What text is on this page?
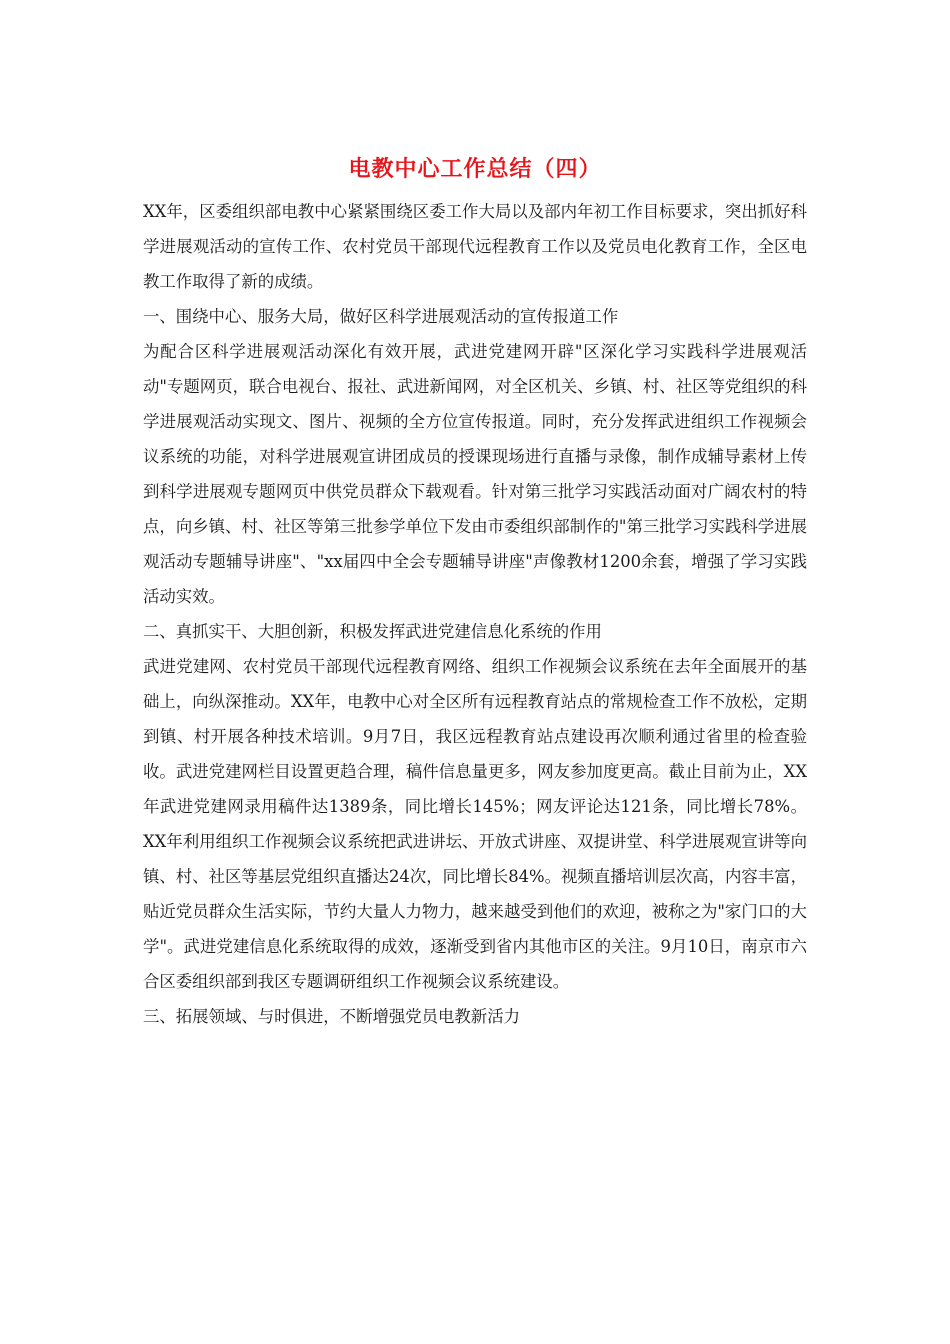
电教中心工作总结（四）

XX年，区委组织部电教中心紧紧围绕区委工作大局以及部内年初工作目标要求，突出抓好科学进展观活动的宣传工作、农村党员干部现代远程教育工作以及党员电化教育工作，全区电教工作取得了新的成绩。

一、围绕中心、服务大局，做好区科学进展观活动的宣传报道工作

为配合区科学进展观活动深化有效开展，武进党建网开辟"区深化学习实践科学进展观活动"专题网页，联合电视台、报社、武进新闻网，对全区机关、乡镇、村、社区等党组织的科学进展观活动实现文、图片、视频的全方位宣传报道。同时，充分发挥武进组织工作视频会议系统的功能，对科学进展观宣讲团成员的授课现场进行直播与录像，制作成辅导素材上传到科学进展观专题网页中供党员群众下载观看。针对第三批学习实践活动面对广阔农村的特点，向乡镇、村、社区等第三批参学单位下发由市委组织部制作的"第三批学习实践科学进展观活动专题辅导讲座"、"xx届四中全会专题辅导讲座"声像教材1200余套，增强了学习实践活动实效。

二、真抓实干、大胆创新，积极发挥武进党建信息化系统的作用

武进党建网、农村党员干部现代远程教育网络、组织工作视频会议系统在去年全面展开的基础上，向纵深推动。XX年，电教中心对全区所有远程教育站点的常规检查工作不放松，定期到镇、村开展各种技术培训。9月7日，我区远程教育站点建设再次顺利通过省里的检查验收。武进党建网栏目设置更趋合理，稿件信息量更多，网友参加度更高。截止目前为止，XX年武进党建网录用稿件达1389条，同比增长145%；网友评论达121条，同比增长78%。XX年利用组织工作视频会议系统把武进讲坛、开放式讲座、双提讲堂、科学进展观宣讲等向镇、村、社区等基层党组织直播达24次，同比增长84%。视频直播培训层次高，内容丰富，贴近党员群众生活实际，节约大量人力物力，越来越受到他们的欢迎，被称之为"家门口的大学"。武进党建信息化系统取得的成效，逐渐受到省内其他市区的关注。9月10日，南京市六合区委组织部到我区专题调研组织工作视频会议系统建设。

三、拓展领域、与时俱进，不断增强党员电教新活力
